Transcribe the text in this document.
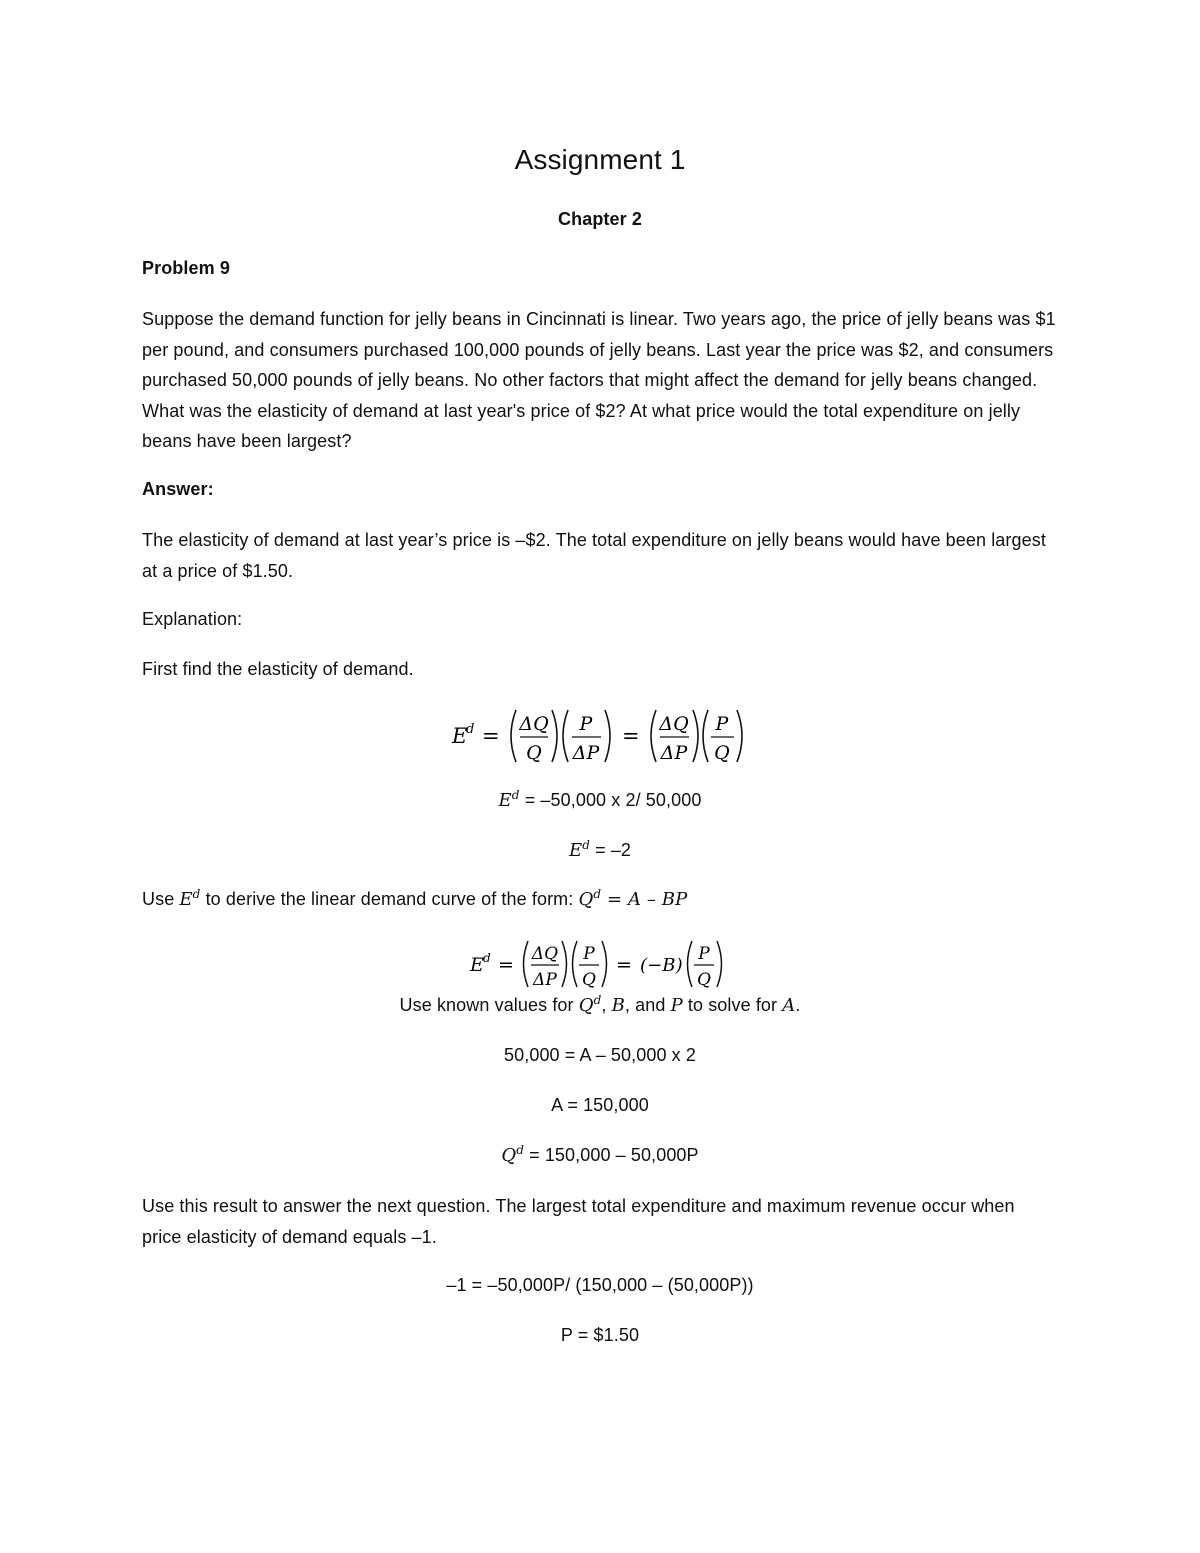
Assignment 1
Chapter 2
Problem 9
Suppose the demand function for jelly beans in Cincinnati is linear. Two years ago, the price of jelly beans was $1 per pound, and consumers purchased 100,000 pounds of jelly beans. Last year the price was $2, and consumers purchased 50,000 pounds of jelly beans. No other factors that might affect the demand for jelly beans changed. What was the elasticity of demand at last year's price of $2? At what price would the total expenditure on jelly beans have been largest?
Answer:
The elasticity of demand at last year’s price is –$2. The total expenditure on jelly beans would have been largest at a price of $1.50.
Explanation:
First find the elasticity of demand.
E
d = ΔQ
Q
P
ΔP
= ΔQ
ΔP
P
Q
$E^d = -50,000$ x 2/ 50,000
$E^d = -2$
Use $E^d$ to derive the linear demand curve of the form: $Q^d = A$ – BP
E d = ΔQ
ΔP
P
Q
= (−B)
P
Q
Use known values for $Q^d$, B, and P to solve for A.
50,000 = A – 50,000 x 2
A = 150,000
$Q^d = 150,000 - 50,000P$
Use this result to answer the next question. The largest total expenditure and maximum revenue occur when price elasticity of demand equals –1.
–1 = –50,000P/ (150,000 – (50,000P))
P = $1.50
